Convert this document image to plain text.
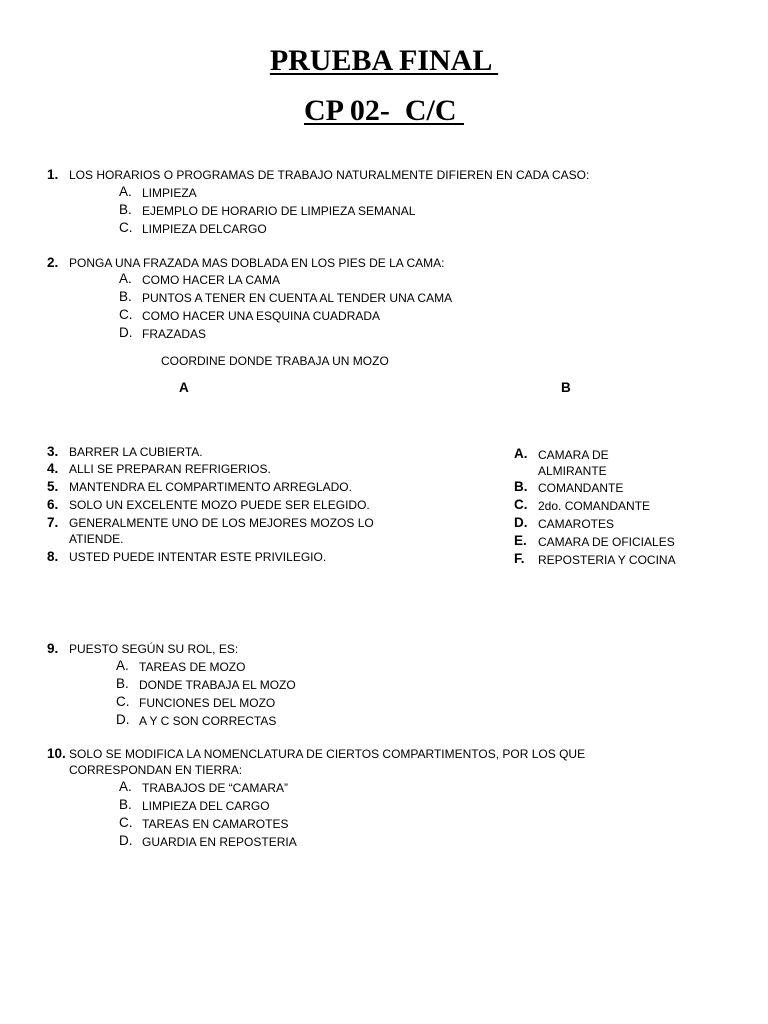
PRUEBA FINAL
CP 02-  C/C
1. LOS HORARIOS O PROGRAMAS DE TRABAJO NATURALMENTE DIFIEREN EN CADA CASO:
A. LIMPIEZA
B. EJEMPLO DE HORARIO DE LIMPIEZA SEMANAL
C. LIMPIEZA DELCARGO
2. PONGA UNA FRAZADA MAS DOBLADA EN LOS PIES DE LA CAMA:
A. COMO HACER LA CAMA
B. PUNTOS A TENER EN CUENTA AL TENDER UNA CAMA
C. COMO HACER UNA ESQUINA CUADRADA
D. FRAZADAS
COORDINE DONDE TRABAJA UN MOZO
A	B
3. BARRER LA CUBIERTA.
4. ALLI SE PREPARAN REFRIGERIOS.
5. MANTENDRA EL COMPARTIMENTO ARREGLADO.
6. SOLO UN EXCELENTE MOZO PUEDE SER ELEGIDO.
7. GENERALMENTE UNO DE LOS MEJORES MOZOS LO ATIENDE.
8. USTED PUEDE INTENTAR ESTE PRIVILEGIO.
A. CAMARA DE ALMIRANTE
B. COMANDANTE
C. 2do. COMANDANTE
D. CAMAROTES
E. CAMARA DE OFICIALES
F. REPOSTERIA Y COCINA
9. PUESTO SEGÚN SU ROL, ES:
A. TAREAS DE MOZO
B. DONDE TRABAJA EL MOZO
C. FUNCIONES DEL MOZO
D. A Y C SON CORRECTAS
10. SOLO SE MODIFICA LA NOMENCLATURA DE CIERTOS COMPARTIMENTOS, POR LOS QUE CORRESPONDAN EN TIERRA:
A. TRABAJOS DE “CAMARA”
B. LIMPIEZA DEL CARGO
C. TAREAS EN CAMAROTES
D. GUARDIA EN REPOSTERIA
